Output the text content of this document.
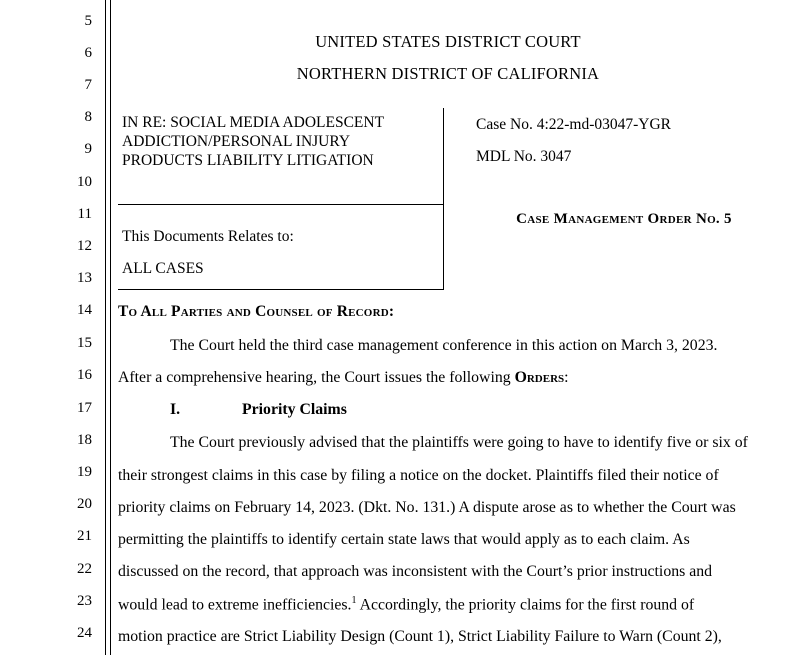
5
6
7
8
9
10
11
12
13
14
15
16
17
18
19
20
21
22
23
24
UNITED STATES DISTRICT COURT
NORTHERN DISTRICT OF CALIFORNIA
IN RE: SOCIAL MEDIA ADOLESCENT ADDICTION/PERSONAL INJURY PRODUCTS LIABILITY LITIGATION
This Documents Relates to:
ALL CASES
Case No. 4:22-md-03047-YGR
MDL No. 3047
Case Management Order No. 5
To All Parties and Counsel of Record:
The Court held the third case management conference in this action on March 3, 2023.
After a comprehensive hearing, the Court issues the following Orders:
I.	Priority Claims
The Court previously advised that the plaintiffs were going to have to identify five or six of
their strongest claims in this case by filing a notice on the docket. Plaintiffs filed their notice of
priority claims on February 14, 2023. (Dkt. No. 131.) A dispute arose as to whether the Court was
permitting the plaintiffs to identify certain state laws that would apply as to each claim. As
discussed on the record, that approach was inconsistent with the Court’s prior instructions and
would lead to extreme inefficiencies.$^1$ Accordingly, the priority claims for the first round of
motion practice are Strict Liability Design (Count 1), Strict Liability Failure to Warn (Count 2),
